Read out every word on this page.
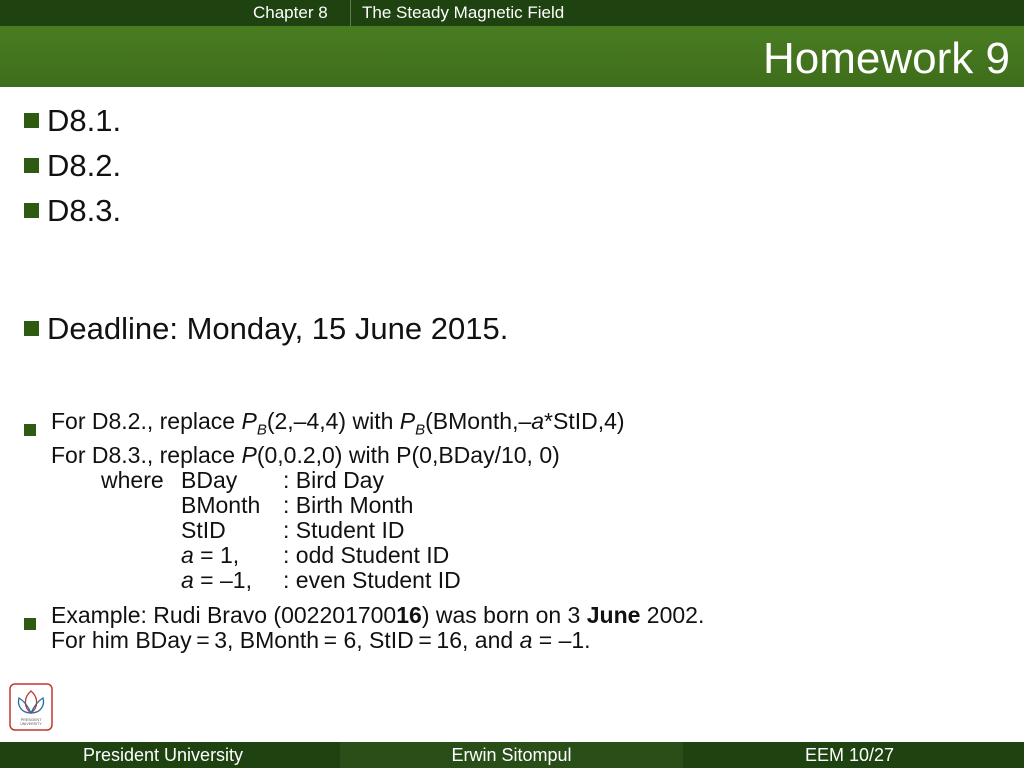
Chapter 8 The Steady Magnetic Field
Homework 9
D8.1.
D8.2.
D8.3.
Deadline: Monday, 15 June 2015.
For D8.2., replace $P_B(2,-4,4)$ with $P_B(BMonth,-a*StID,4)$
For D8.3., replace P(0,0.2,0) with P(0,BDay/10, 0)
where BDay	: Bird Day
BMonth : Birth Month
StID	: Student ID
a = 1,	: odd Student ID
a = –1,	: even Student ID
Example: Rudi Bravo (00220170016) was born on 3 June 2002.
For him BDay = 3, BMonth = 6, StID = 16, and a = –1.
PRESIDENT
UNIVERSITY
President University	Erwin Sitompul	EEM 10/27
